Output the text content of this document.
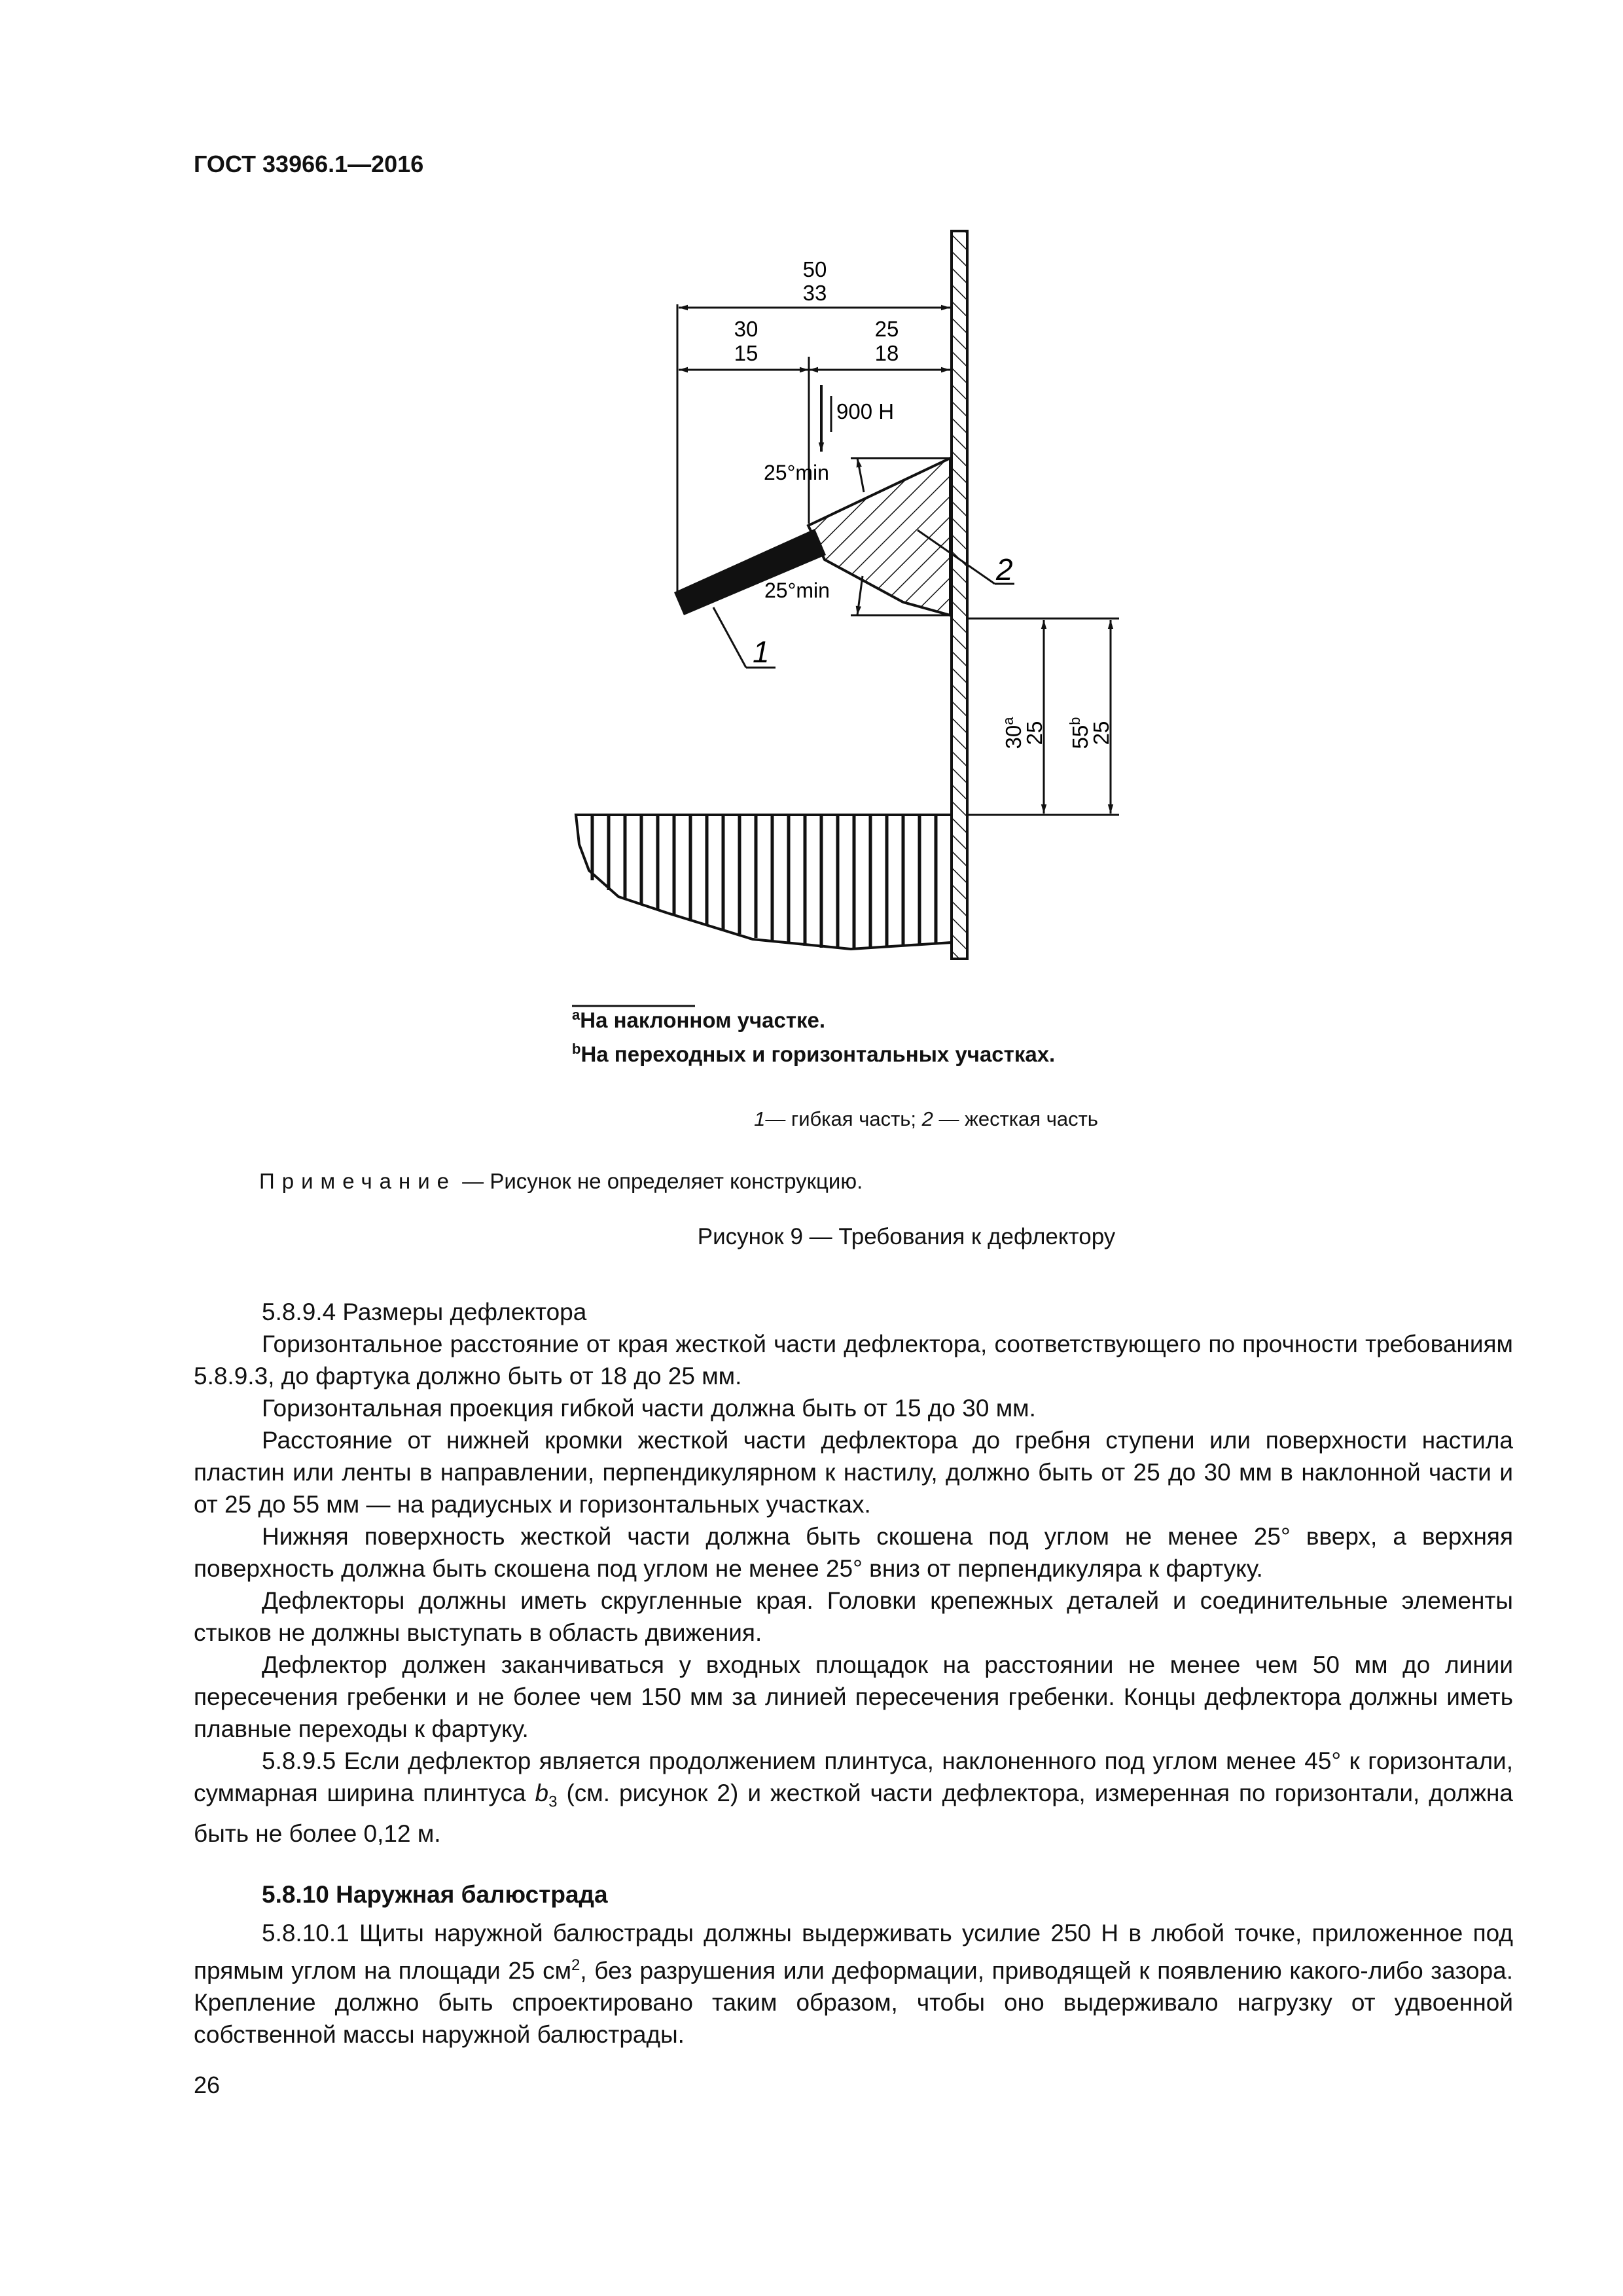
ГОСТ 33966.1—2016
50
33
30
15
25
18
900 Н
2
1
25°min
25°min
30$^a$ 25 55$^b$ 25
$^a$На наклонном участке.
$^b$На переходных и горизонтальных участках.
1— гибкая часть; 2 — жесткая часть
Примечание — Рисунок не определяет конструкцию.
Рисунок 9 — Требования к дефлектору

5.8.9.4 Размеры дефлектора

Горизонтальное расстояние от края жесткой части дефлектора, соответствующего по прочности требованиям 5.8.9.3, до фартука должно быть от 18 до 25 мм.

Горизонтальная проекция гибкой части должна быть от 15 до 30 мм.

Расстояние от нижней кромки жесткой части дефлектора до гребня ступени или поверхности настила пластин или ленты в направлении, перпендикулярном к настилу, должно быть от 25 до 30 мм в наклонной части и от 25 до 55 мм — на радиусных и горизонтальных участках.

Нижняя поверхность жесткой части должна быть скошена под углом не менее 25° вверх, а верхняя поверхность должна быть скошена под углом не менее 25° вниз от перпендикуляра к фартуку.

Дефлекторы должны иметь скругленные края. Головки крепежных деталей и соединительные элементы стыков не должны выступать в область движения.

Дефлектор должен заканчиваться у входных площадок на расстоянии не менее чем 50 мм до линии пересечения гребенки и не более чем 150 мм за линией пересечения гребенки. Концы дефлектора должны иметь плавные переходы к фартуку.

5.8.9.5 Если дефлектор является продолжением плинтуса, наклоненного под углом менее 45° к горизонтали, суммарная ширина плинтуса $b_3$ (см. рисунок 2) и жесткой части дефлектора, измеренная по горизонтали, должна быть не более 0,12 м.

5.8.10 Наружная балюстрада

5.8.10.1 Щиты наружной балюстрады должны выдерживать усилие 250 Н в любой точке, приложенное под прямым углом на площади 25 $см^2$, без разрушения или деформации, приводящей к появлению какого-либо зазора. Крепление должно быть спроектировано таким образом, чтобы оно выдерживало нагрузку от удвоенной собственной массы наружной балюстрады.

26
